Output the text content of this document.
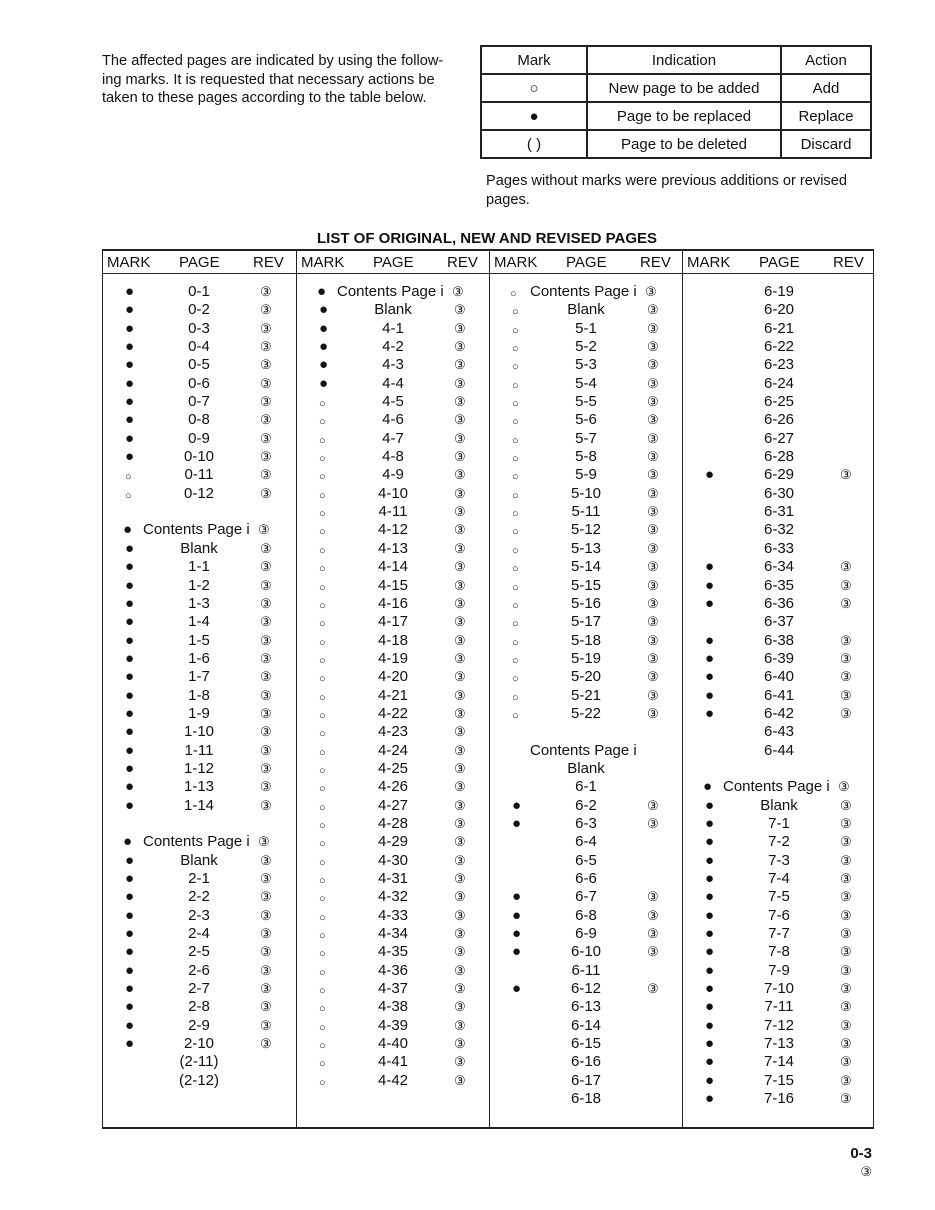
The affected pages are indicated by using the follow-ing marks. It is requested that necessary actions be taken to these pages according to the table below.
Mark	Indication	Action
○	New page to be added	Add
●	Page to be replaced	Replace
( )	Page to be deleted	Discard
Pages without marks were previous additions or revised pages.
LIST OF ORIGINAL, NEW AND REVISED PAGES
MARK PAGE REV
●	0-1	③
●	0-2	③
●	0-3	③
●	0-4	③
●	0-5	③
●	0-6	③
●	0-7	③
●	0-8	③
●	0-9	③
●	0-10	③
○	0-11	③
○	0-12	③
● Contents Page i ③
●	Blank	③
●	1-1	③
●	1-2	③
●	1-3	③
●	1-4	③
●	1-5	③
●	1-6	③
●	1-7	③
●	1-8	③
●	1-9	③
●	1-10	③
●	1-11	③
●	1-12	③
●	1-13	③
●	1-14	③
● Contents Page i ③
●	Blank	③
●	2-1	③
●	2-2	③
●	2-3	③
●	2-4	③
●	2-5	③
●	2-6	③
●	2-7	③
●	2-8	③
●	2-9	③
●	2-10	③
(2-11)
(2-12)
MARK PAGE REV
● Contents Page i ③
●	Blank	③
●	4-1	③
●	4-2	③
●	4-3	③
●	4-4	③
○	4-5	③
○	4-6	③
○	4-7	③
○	4-8	③
○	4-9	③
○	4-10	③
○	4-11	③
○	4-12	③
○	4-13	③
○	4-14	③
○	4-15	③
○	4-16	③
○	4-17	③
○	4-18	③
○	4-19	③
○	4-20	③
○	4-21	③
○	4-22	③
○	4-23	③
○	4-24	③
○	4-25	③
○	4-26	③
○	4-27	③
○	4-28	③
○	4-29	③
○	4-30	③
○	4-31	③
○	4-32	③
○	4-33	③
○	4-34	③
○	4-35	③
○	4-36	③
○	4-37	③
○	4-38	③
○	4-39	③
○	4-40	③
○	4-41	③
○	4-42	③
MARK PAGE REV
○ Contents Page i ③
○	Blank	③
○	5-1	③
○	5-2	③
○	5-3	③
○	5-4	③
○	5-5	③
○	5-6	③
○	5-7	③
○	5-8	③
○	5-9	③
○	5-10	③
○	5-11	③
○	5-12	③
○	5-13	③
○	5-14	③
○	5-15	③
○	5-16	③
○	5-17	③
○	5-18	③
○	5-19	③
○	5-20	③
○	5-21	③
○	5-22	③
Contents Page i
Blank
6-1
●	6-2	③
●	6-3	③
6-4
6-5
6-6
●	6-7	③
●	6-8	③
●	6-9	③
●	6-10	③
6-11
●	6-12	③
6-13
6-14
6-15
6-16
6-17
6-18
MARK PAGE REV
6-19
6-20
6-21
6-22
6-23
6-24
6-25
6-26
6-27
6-28
●	6-29	③
6-30
6-31
6-32
6-33
●	6-34	③
●	6-35	③
●	6-36	③
6-37
●	6-38	③
●	6-39	③
●	6-40	③
●	6-41	③
●	6-42	③
6-43
6-44
● Contents Page i ③
●	Blank	③
●	7-1	③
●	7-2	③
●	7-3	③
●	7-4	③
●	7-5	③
●	7-6	③
●	7-7	③
●	7-8	③
●	7-9	③
●	7-10	③
●	7-11	③
●	7-12	③
●	7-13	③
●	7-14	③
●	7-15	③
●	7-16	③
0-3
③
